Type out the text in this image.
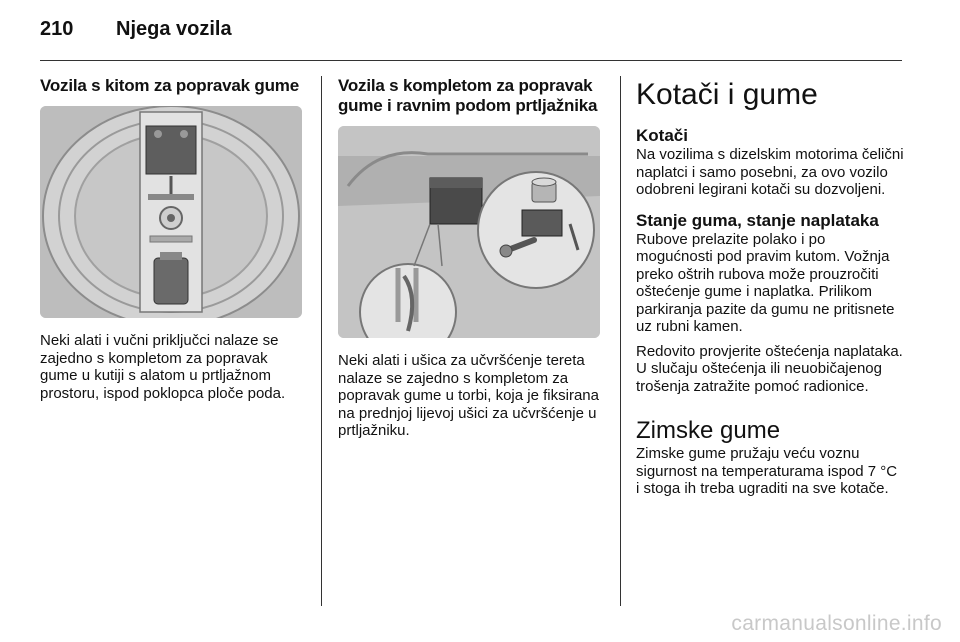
210 Njega vozila
Vozila s kitom za popravak gume

Neki alati i vučni priključci nalaze se zajedno s kompletom za popravak gume u kutiji s alatom u prtljažnom prostoru, ispod poklopca ploče poda.

Vozila s kompletom za popravak gume i ravnim podom prtljažnika

Neki alati i ušica za učvršćenje tereta nalaze se zajedno s kompletom za popravak gume u torbi, koja je fiksirana na prednjoj lijevoj ušici za učvršćenje u prtljažniku.

Kotači i gume
Kotači

Na vozilima s dizelskim motorima čelični naplatci i samo posebni, za ovo vozilo odobreni legirani kotači su dozvoljeni.

Stanje guma, stanje naplataka

Rubove prelazite polako i po mogućnosti pod pravim kutom. Vožnja preko oštrih rubova može prouzročiti oštećenje gume i naplatka. Prilikom parkiranja pazite da gumu ne pritisnete uz rubni kamen.

Redovito provjerite oštećenja naplataka. U slučaju oštećenja ili neuobičajenog trošenja zatražite pomoć radionice.

Zimske gume

Zimske gume pružaju veću voznu sigurnost na temperaturama ispod 7 °C i stoga ih treba ugraditi na sve kotače.

carmanualsonline.info
